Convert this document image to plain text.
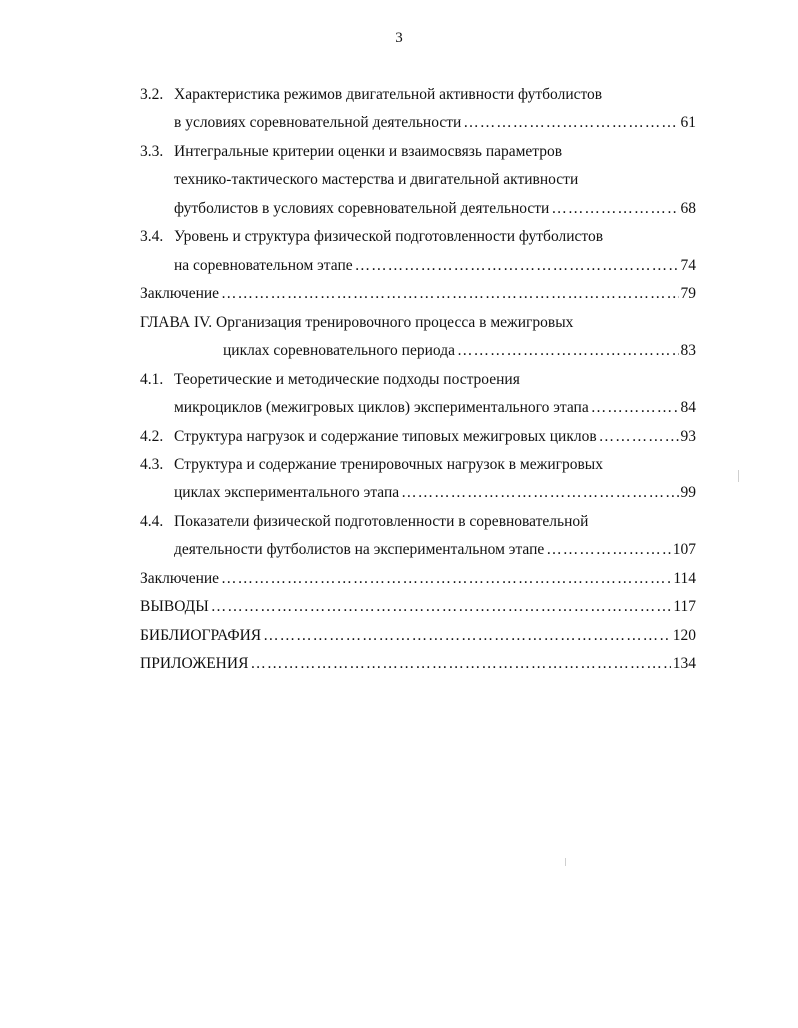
3
3.2. Характеристика режимов двигательной активности футболистов
в условиях соревновательной деятельности …………………………………………………………………………………………………………………………………………………………………………………………	61
3.3. Интегральные критерии оценки и взаимосвязь параметров
технико-тактического мастерства и двигательной активности
футболистов в условиях соревновательной деятельности …………………………………………………………………………………………………………………………………………………………………………………………	68
3.4. Уровень и структура физической подготовленности футболистов
на соревновательном этапе …………………………………………………………………………………………………………………………………………………………………………………………	74
Заключение …………………………………………………………………………………………………………………………………………………………………………………………	79
ГЛАВА IV. Организация тренировочного процесса в межигровых
циклах соревновательного периода …………………………………………………………………………………………………………………………………………………………………………………………	83
4.1. Теоретические и методические подходы построения
микроциклов (межигровых циклов) экспериментального этапа …………………………………………………………………………………………………………………………………………………………………………………………	84
4.2. Структура нагрузок и содержание типовых межигровых циклов …………………………………………………………………………………………………………………………………………………………………………………………	93
4.3. Структура и содержание тренировочных нагрузок в межигровых
циклах экспериментального этапа …………………………………………………………………………………………………………………………………………………………………………………………	99
4.4. Показатели физической подготовленности в соревновательной
деятельности футболистов на экспериментальном этапе …………………………………………………………………………………………………………………………………………………………………………………………	107
Заключение …………………………………………………………………………………………………………………………………………………………………………………………	114
ВЫВОДЫ …………………………………………………………………………………………………………………………………………………………………………………………	117
БИБЛИОГРАФИЯ …………………………………………………………………………………………………………………………………………………………………………………………	120
ПРИЛОЖЕНИЯ …………………………………………………………………………………………………………………………………………………………………………………………	134
